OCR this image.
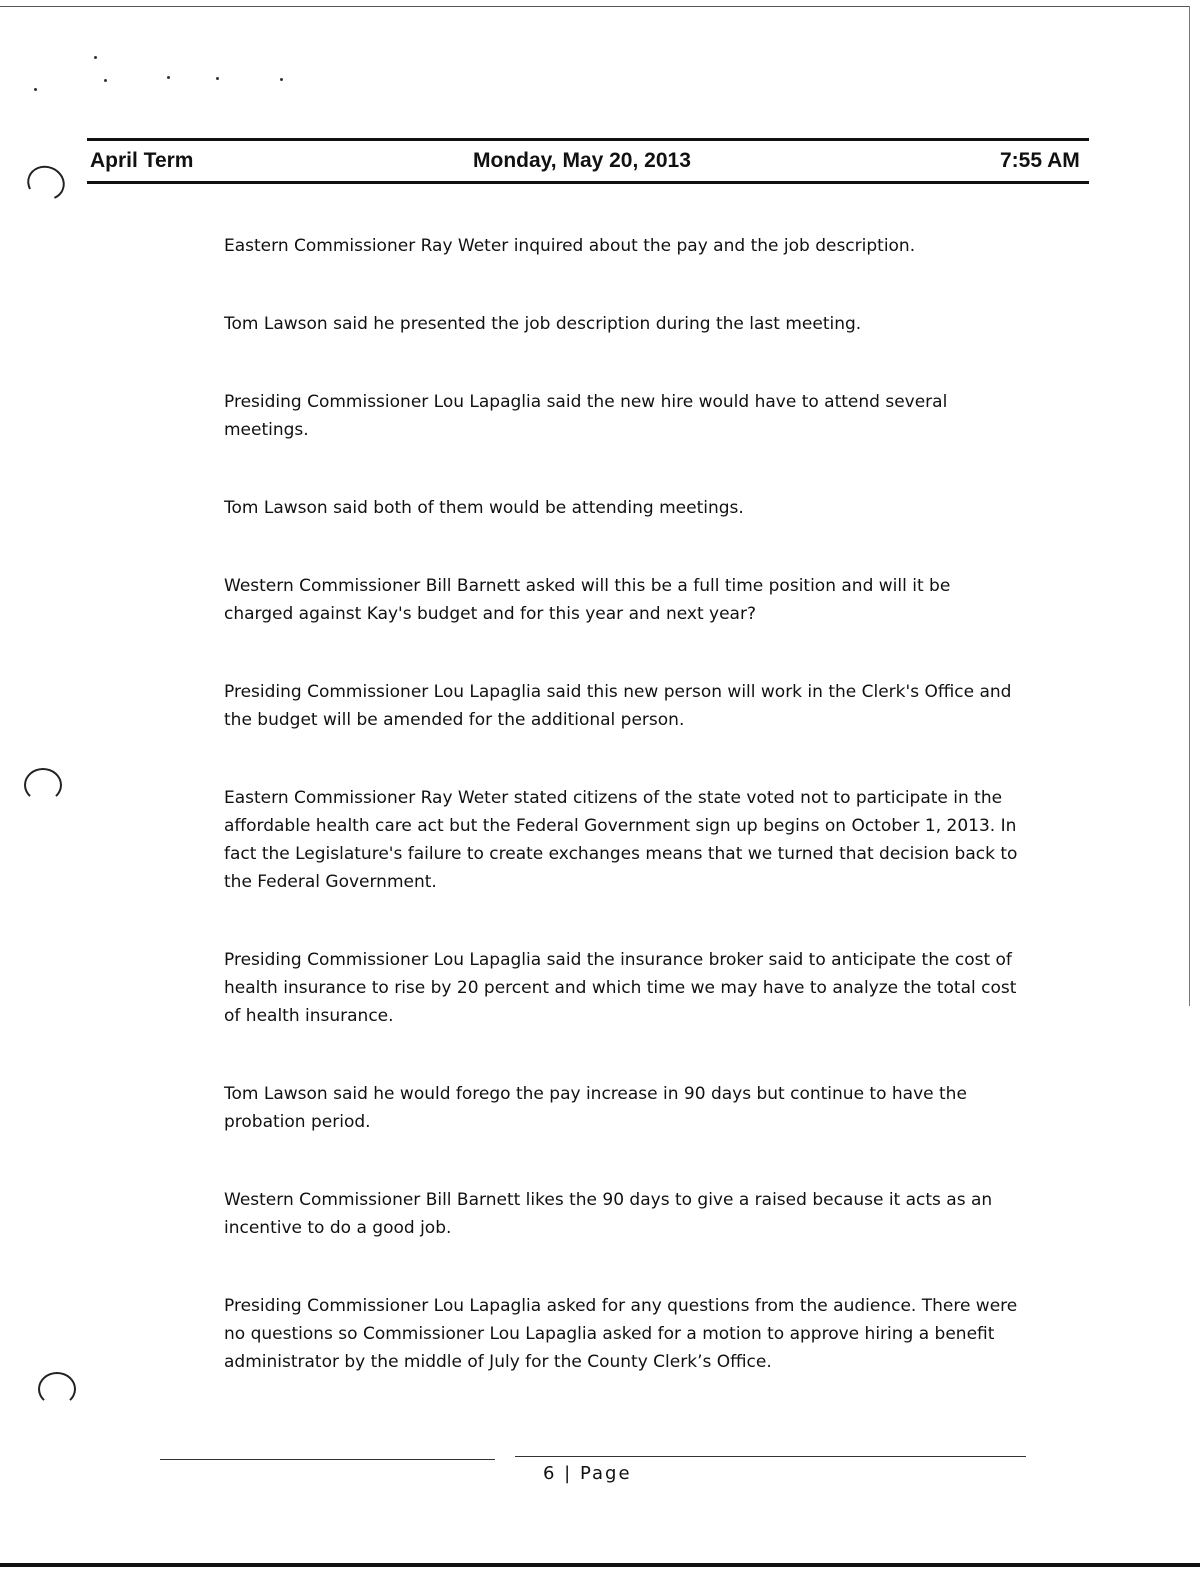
April Term	Monday, May 20, 2013	7:55 AM

Eastern Commissioner Ray Weter inquired about the pay and the job description.

Tom Lawson said he presented the job description during the last meeting.

Presiding Commissioner Lou Lapaglia said the new hire would have to attend several meetings.

Tom Lawson said both of them would be attending meetings.

Western Commissioner Bill Barnett asked will this be a full time position and will it be charged against Kay's budget and for this year and next year?

Presiding Commissioner Lou Lapaglia said this new person will work in the Clerk's Office and the budget will be amended for the additional person.

Eastern Commissioner Ray Weter stated citizens of the state voted not to participate in the affordable health care act but the Federal Government sign up begins on October 1, 2013. In fact the Legislature's failure to create exchanges means that we turned that decision back to the Federal Government.

Presiding Commissioner Lou Lapaglia said the insurance broker said to anticipate the cost of health insurance to rise by 20 percent and which time we may have to analyze the total cost of health insurance.

Tom Lawson said he would forego the pay increase in 90 days but continue to have the probation period.

Western Commissioner Bill Barnett likes the 90 days to give a raised because it acts as an incentive to do a good job.

Presiding Commissioner Lou Lapaglia asked for any questions from the audience. There were no questions so Commissioner Lou Lapaglia asked for a motion to approve hiring a benefit administrator by the middle of July for the County Clerk’s Office.

6 | Page
